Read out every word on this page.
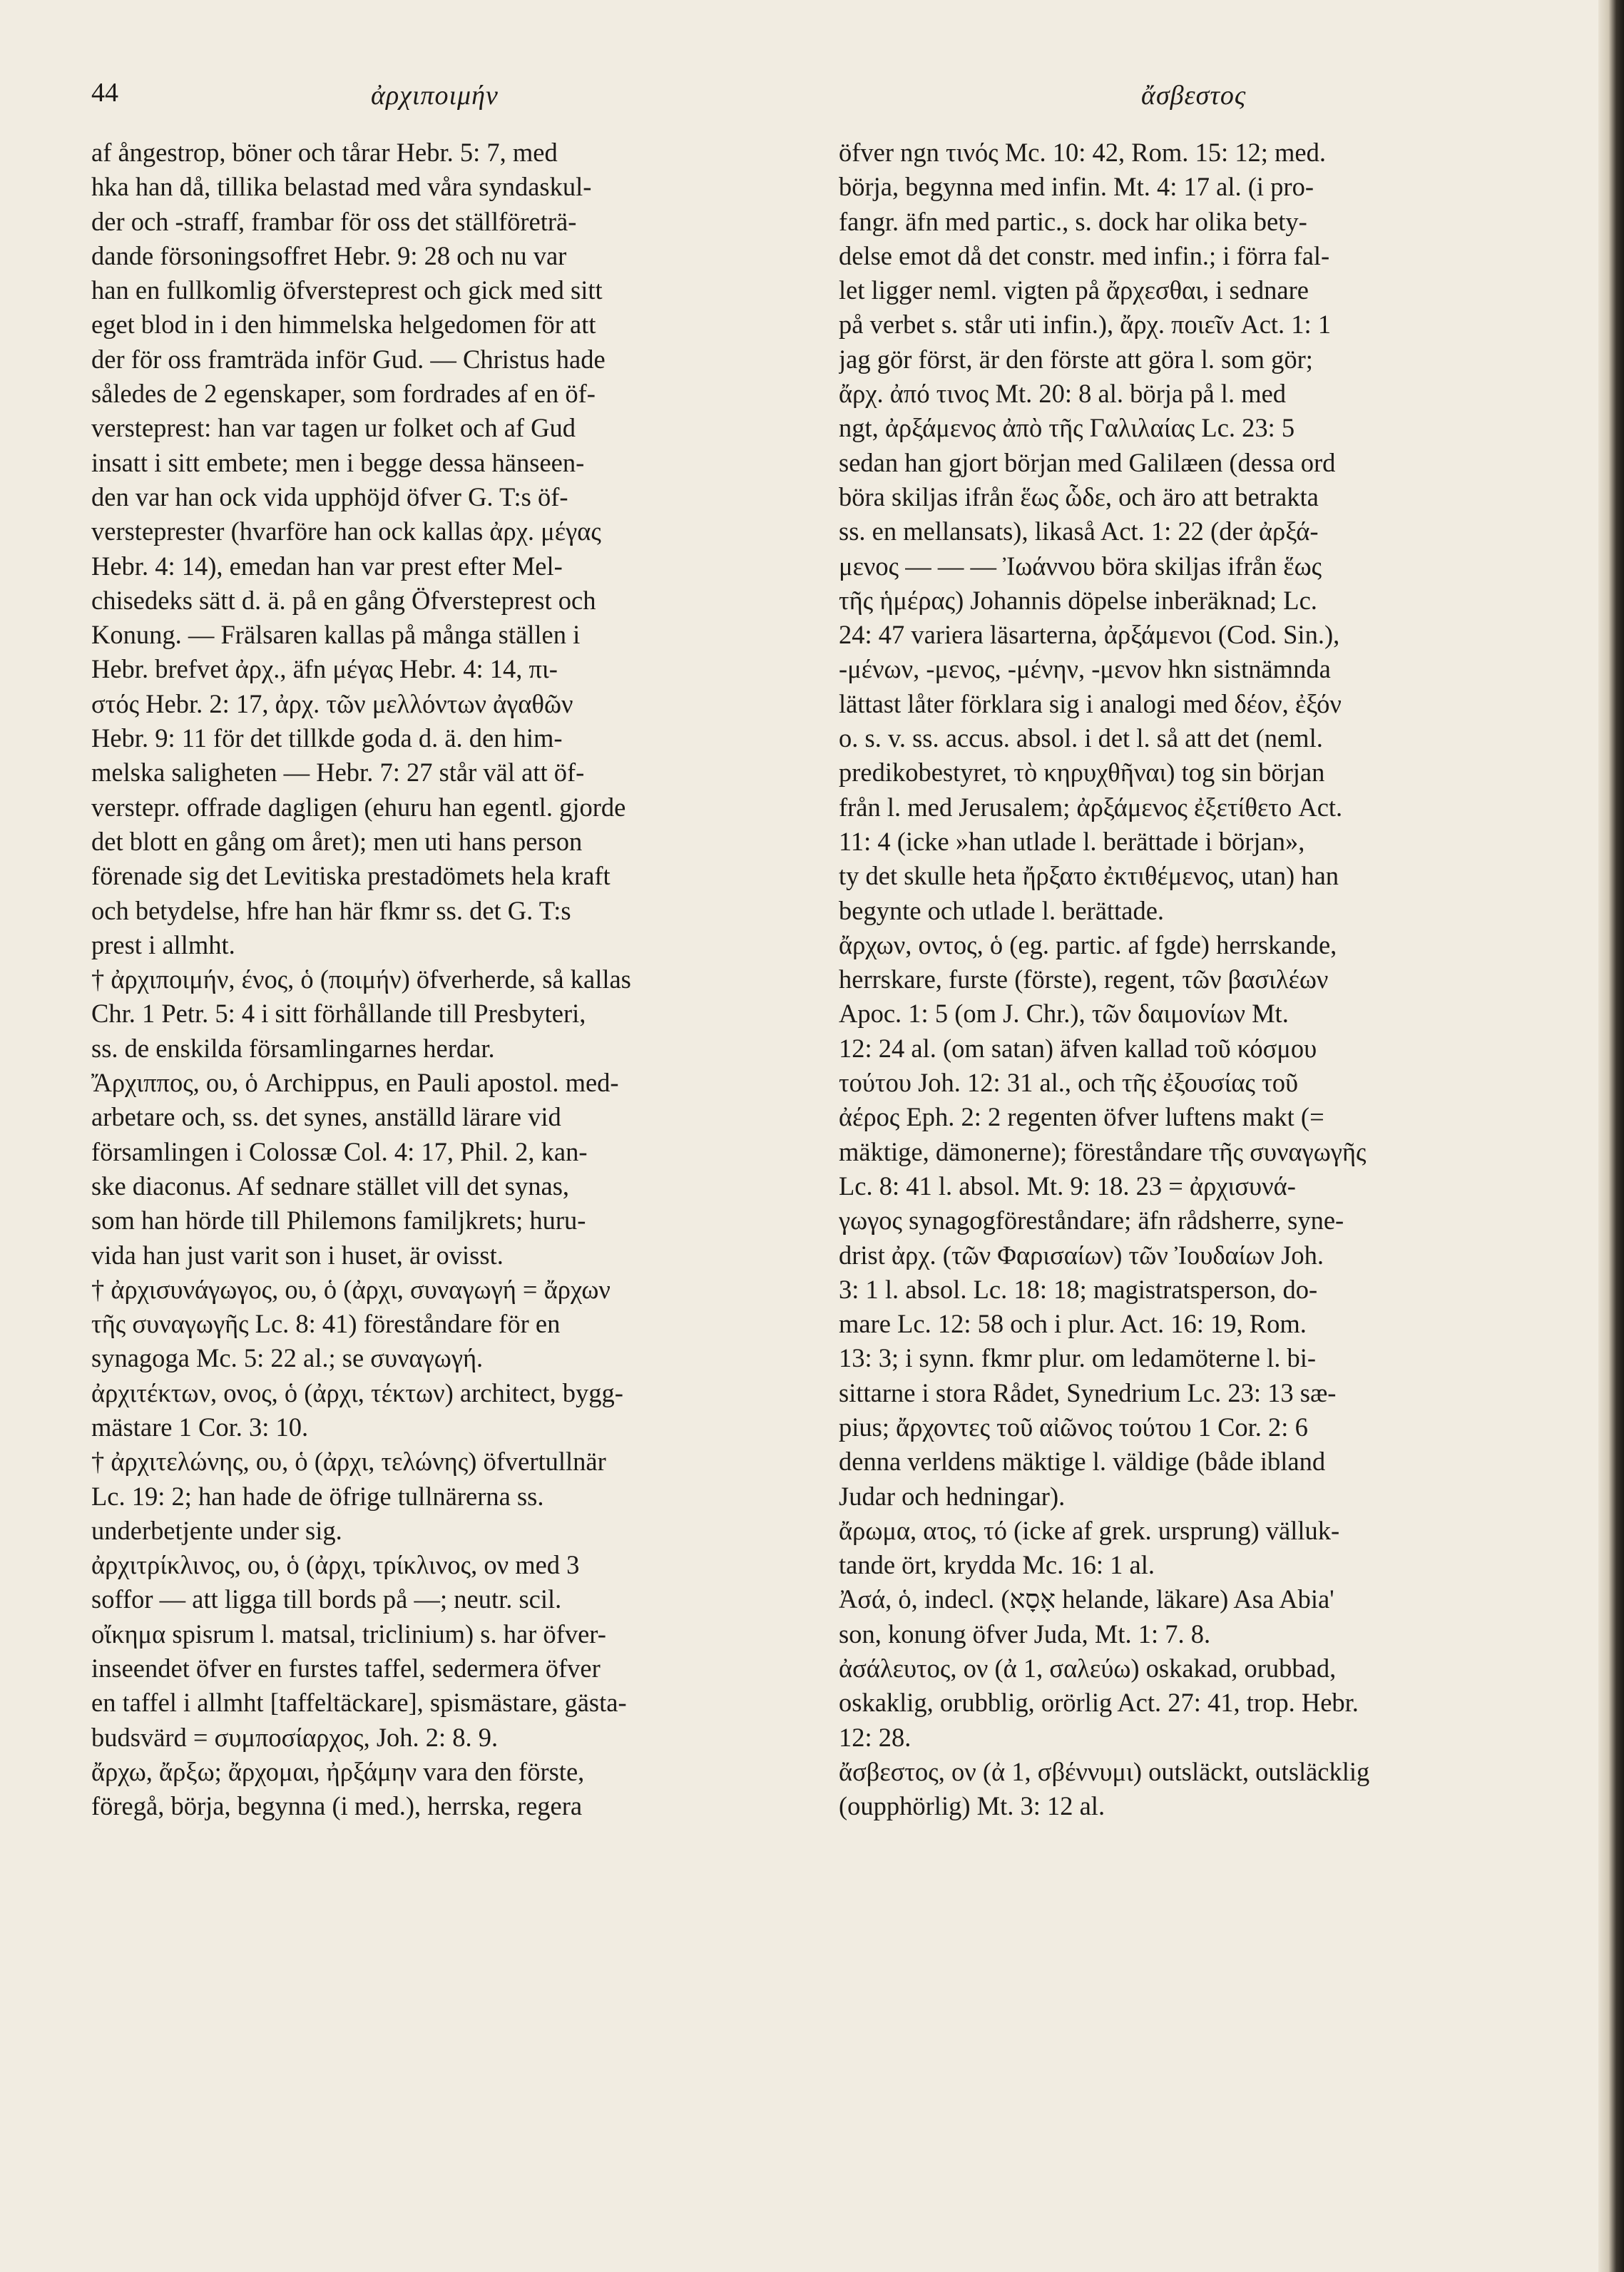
44	ἀρχιποιμήν	ἄσβεστος
af ångestrop, böner och tårar Hebr. 5: 7, med
hka han då, tillika belastad med våra syndaskul-
der och -straff, frambar för oss det ställföreträ-
dande försoningsoffret Hebr. 9: 28 och nu var
han en fullkomlig öfversteprest och gick med sitt
eget blod in i den himmelska helgedomen för att
der för oss framträda inför Gud. — Christus hade
således de 2 egenskaper, som fordrades af en öf-
versteprest: han var tagen ur folket och af Gud
insatt i sitt embete; men i begge dessa hänseen-
den var han ock vida upphöjd öfver G. T:s öf-
versteprester (hvarföre han ock kallas ἀρχ. μέγας
Hebr. 4: 14), emedan han var prest efter Mel-
chisedeks sätt d. ä. på en gång Öfversteprest och
Konung. — Frälsaren kallas på många ställen i
Hebr. brefvet ἀρχ., äfn μέγας Hebr. 4: 14, πι-
στός Hebr. 2: 17, ἀρχ. τῶν μελλόντων ἀγαθῶν
Hebr. 9: 11 för det tillkde goda d. ä. den him-
melska saligheten — Hebr. 7: 27 står väl att öf-
verstepr. offrade dagligen (ehuru han egentl. gjorde
det blott en gång om året); men uti hans person
förenade sig det Levitiska prestadömets hela kraft
och betydelse, hfre han här fkmr ss. det G. T:s
prest i allmht.
† ἀρχιποιμήν, ένος, ὁ (ποιμήν) öfverherde, så kallas
Chr. 1 Petr. 5: 4 i sitt förhållande till Presbyteri,
ss. de enskilda församlingarnes herdar.
Ἄρχιππος, ου, ὁ Archippus, en Pauli apostol. med-
arbetare och, ss. det synes, anställd lärare vid
församlingen i Colossæ Col. 4: 17, Phil. 2, kan-
ske diaconus. Af sednare stället vill det synas,
som han hörde till Philemons familjkrets; huru-
vida han just varit son i huset, är ovisst.
† ἀρχισυνάγωγος, ου, ὁ (ἀρχι, συναγωγή = ἄρχων
τῆς συναγωγῆς Lc. 8: 41) föreståndare för en
synagoga Mc. 5: 22 al.; se συναγωγή.
ἀρχιτέκτων, ονος, ὁ (ἀρχι, τέκτων) architect, bygg-
mästare 1 Cor. 3: 10.
† ἀρχιτελώνης, ου, ὁ (ἀρχι, τελώνης) öfvertullnär
Lc. 19: 2; han hade de öfrige tullnärerna ss.
underbetjente under sig.
ἀρχιτρίκλινος, ου, ὁ (ἀρχι, τρίκλινος, ον med 3
soffor — att ligga till bords på —; neutr. scil.
οἴκημα spisrum l. matsal, triclinium) s. har öfver-
inseendet öfver en furstes taffel, sedermera öfver
en taffel i allmht [taffeltäckare], spismästare, gästa-
budsvärd = συμποσίαρχος, Joh. 2: 8. 9.
ἄρχω, ἄρξω; ἄρχομαι, ἠρξάμην vara den förste,
föregå, börja, begynna (i med.), herrska, regera
öfver ngn τινός Mc. 10: 42, Rom. 15: 12; med.
börja, begynna med infin. Mt. 4: 17 al. (i pro-
fangr. äfn med partic., s. dock har olika bety-
delse emot då det constr. med infin.; i förra fal-
let ligger neml. vigten på ἄρχεσθαι, i sednare
på verbet s. står uti infin.), ἄρχ. ποιεῖν Act. 1: 1
jag gör först, är den förste att göra l. som gör;
ἄρχ. ἀπό τινος Mt. 20: 8 al. börja på l. med
ngt, ἀρξάμενος ἀπὸ τῆς Γαλιλαίας Lc. 23: 5
sedan han gjort början med Galilæen (dessa ord
böra skiljas ifrån ἕως ὧδε, och äro att betrakta
ss. en mellansats), likaså Act. 1: 22 (der ἀρξά-
μενος — — — Ἰωάννου böra skiljas ifrån ἕως
τῆς ἡμέρας) Johannis döpelse inberäknad; Lc.
24: 47 variera läsarterna, ἀρξάμενοι (Cod. Sin.),
-μένων, -μενος, -μένην, -μενον hkn sistnämnda
lättast låter förklara sig i analogi med δέον, ἐξόν
o. s. v. ss. accus. absol. i det l. så att det (neml.
predikobestyret, τὸ κηρυχθῆναι) tog sin början
från l. med Jerusalem; ἀρξάμενος ἐξετίθετο Act.
11: 4 (icke »han utlade l. berättade i början»,
ty det skulle heta ἤρξατο ἐκτιθέμενος, utan) han
begynte och utlade l. berättade.
ἄρχων, οντος, ὁ (eg. partic. af fgde) herrskande,
herrskare, furste (förste), regent, τῶν βασιλέων
Apoc. 1: 5 (om J. Chr.), τῶν δαιμονίων Mt.
12: 24 al. (om satan) äfven kallad τοῦ κόσμου
τούτου Joh. 12: 31 al., och τῆς ἐξουσίας τοῦ
ἀέρος Eph. 2: 2 regenten öfver luftens makt (=
mäktige, dämonerne); föreståndare τῆς συναγωγῆς
Lc. 8: 41 l. absol. Mt. 9: 18. 23 = ἀρχισυνά-
γωγος synagogföreståndare; äfn rådsherre, syne-
drist ἀρχ. (τῶν Φαρισαίων) τῶν Ἰουδαίων Joh.
3: 1 l. absol. Lc. 18: 18; magistratsperson, do-
mare Lc. 12: 58 och i plur. Act. 16: 19, Rom.
13: 3; i synn. fkmr plur. om ledamöterne l. bi-
sittarne i stora Rådet, Synedrium Lc. 23: 13 sæ-
pius; ἄρχοντες τοῦ αἰῶνος τούτου 1 Cor. 2: 6
denna verldens mäktige l. väldige (både ibland
Judar och hedningar).
ἄρωμα, ατος, τό (icke af grek. ursprung) välluk-
tande ört, krydda Mc. 16: 1 al.
Ἀσά, ὁ, indecl. (אָסָא helande, läkare) Asa Abia'
son, konung öfver Juda, Mt. 1: 7. 8.
ἀσάλευτος, ον (ἀ 1, σαλεύω) oskakad, orubbad,
oskaklig, orubblig, orörlig Act. 27: 41, trop. Hebr.
12: 28.
ἄσβεστος, ον (ἀ 1, σβέννυμι) outsläckt, outsläcklig
(oupphörlig) Mt. 3: 12 al.
